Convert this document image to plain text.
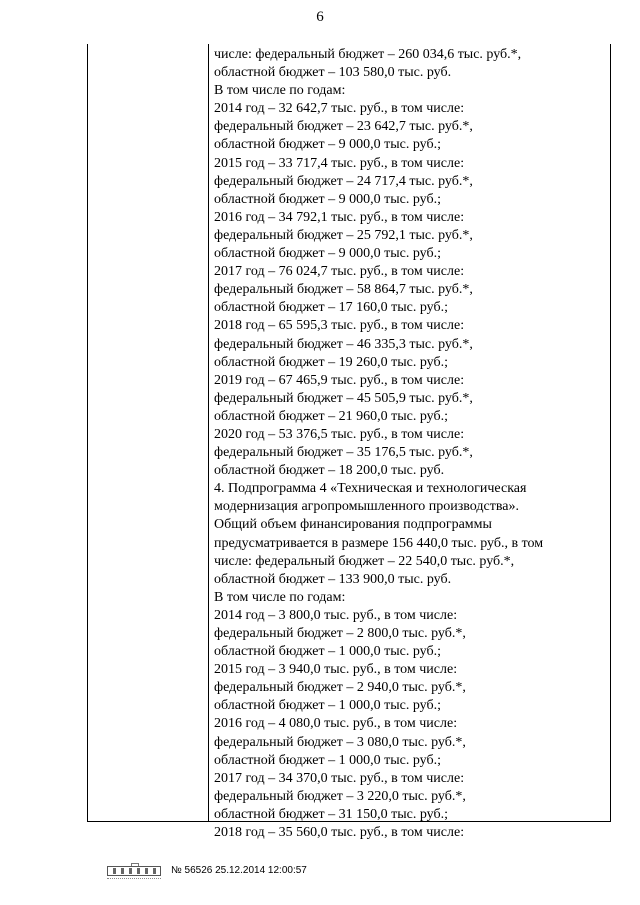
6
числе: федеральный бюджет – 260 034,6 тыс. руб.*,
областной бюджет – 103 580,0 тыс. руб.
В том числе по годам:
2014 год – 32 642,7 тыс. руб., в том числе:
федеральный бюджет – 23 642,7 тыс. руб.*,
областной бюджет – 9 000,0 тыс. руб.;
2015 год – 33 717,4 тыс. руб., в том числе:
федеральный бюджет – 24 717,4 тыс. руб.*,
областной бюджет – 9 000,0 тыс. руб.;
2016 год – 34 792,1 тыс. руб., в том числе:
федеральный бюджет – 25 792,1 тыс. руб.*,
областной бюджет – 9 000,0 тыс. руб.;
2017 год – 76 024,7 тыс. руб., в том числе:
федеральный бюджет – 58 864,7 тыс. руб.*,
областной бюджет – 17 160,0 тыс. руб.;
2018 год – 65 595,3 тыс. руб., в том числе:
федеральный бюджет – 46 335,3 тыс. руб.*,
областной бюджет – 19 260,0 тыс. руб.;
2019 год – 67 465,9 тыс. руб., в том числе:
федеральный бюджет – 45 505,9 тыс. руб.*,
областной бюджет – 21 960,0 тыс. руб.;
2020 год – 53 376,5 тыс. руб., в том числе:
федеральный бюджет – 35 176,5 тыс. руб.*,
областной бюджет – 18 200,0 тыс. руб.
4. Подпрограмма 4 «Техническая и технологическая
модернизация агропромышленного производства».
Общий объем финансирования подпрограммы
предусматривается в размере 156 440,0 тыс. руб., в том
числе: федеральный бюджет – 22 540,0 тыс. руб.*,
областной бюджет – 133 900,0 тыс. руб.
В том числе по годам:
2014 год – 3 800,0 тыс. руб., в том числе:
федеральный бюджет – 2 800,0 тыс. руб.*,
областной бюджет – 1 000,0 тыс. руб.;
2015 год – 3 940,0 тыс. руб., в том числе:
федеральный бюджет – 2 940,0 тыс. руб.*,
областной бюджет – 1 000,0 тыс. руб.;
2016 год – 4 080,0 тыс. руб., в том числе:
федеральный бюджет – 3 080,0 тыс. руб.*,
областной бюджет – 1 000,0 тыс. руб.;
2017 год – 34 370,0 тыс. руб., в том числе:
федеральный бюджет – 3 220,0 тыс. руб.*,
областной бюджет – 31 150,0 тыс. руб.;
2018 год – 35 560,0 тыс. руб., в том числе:
№ 56526 25.12.2014 12:00:57
